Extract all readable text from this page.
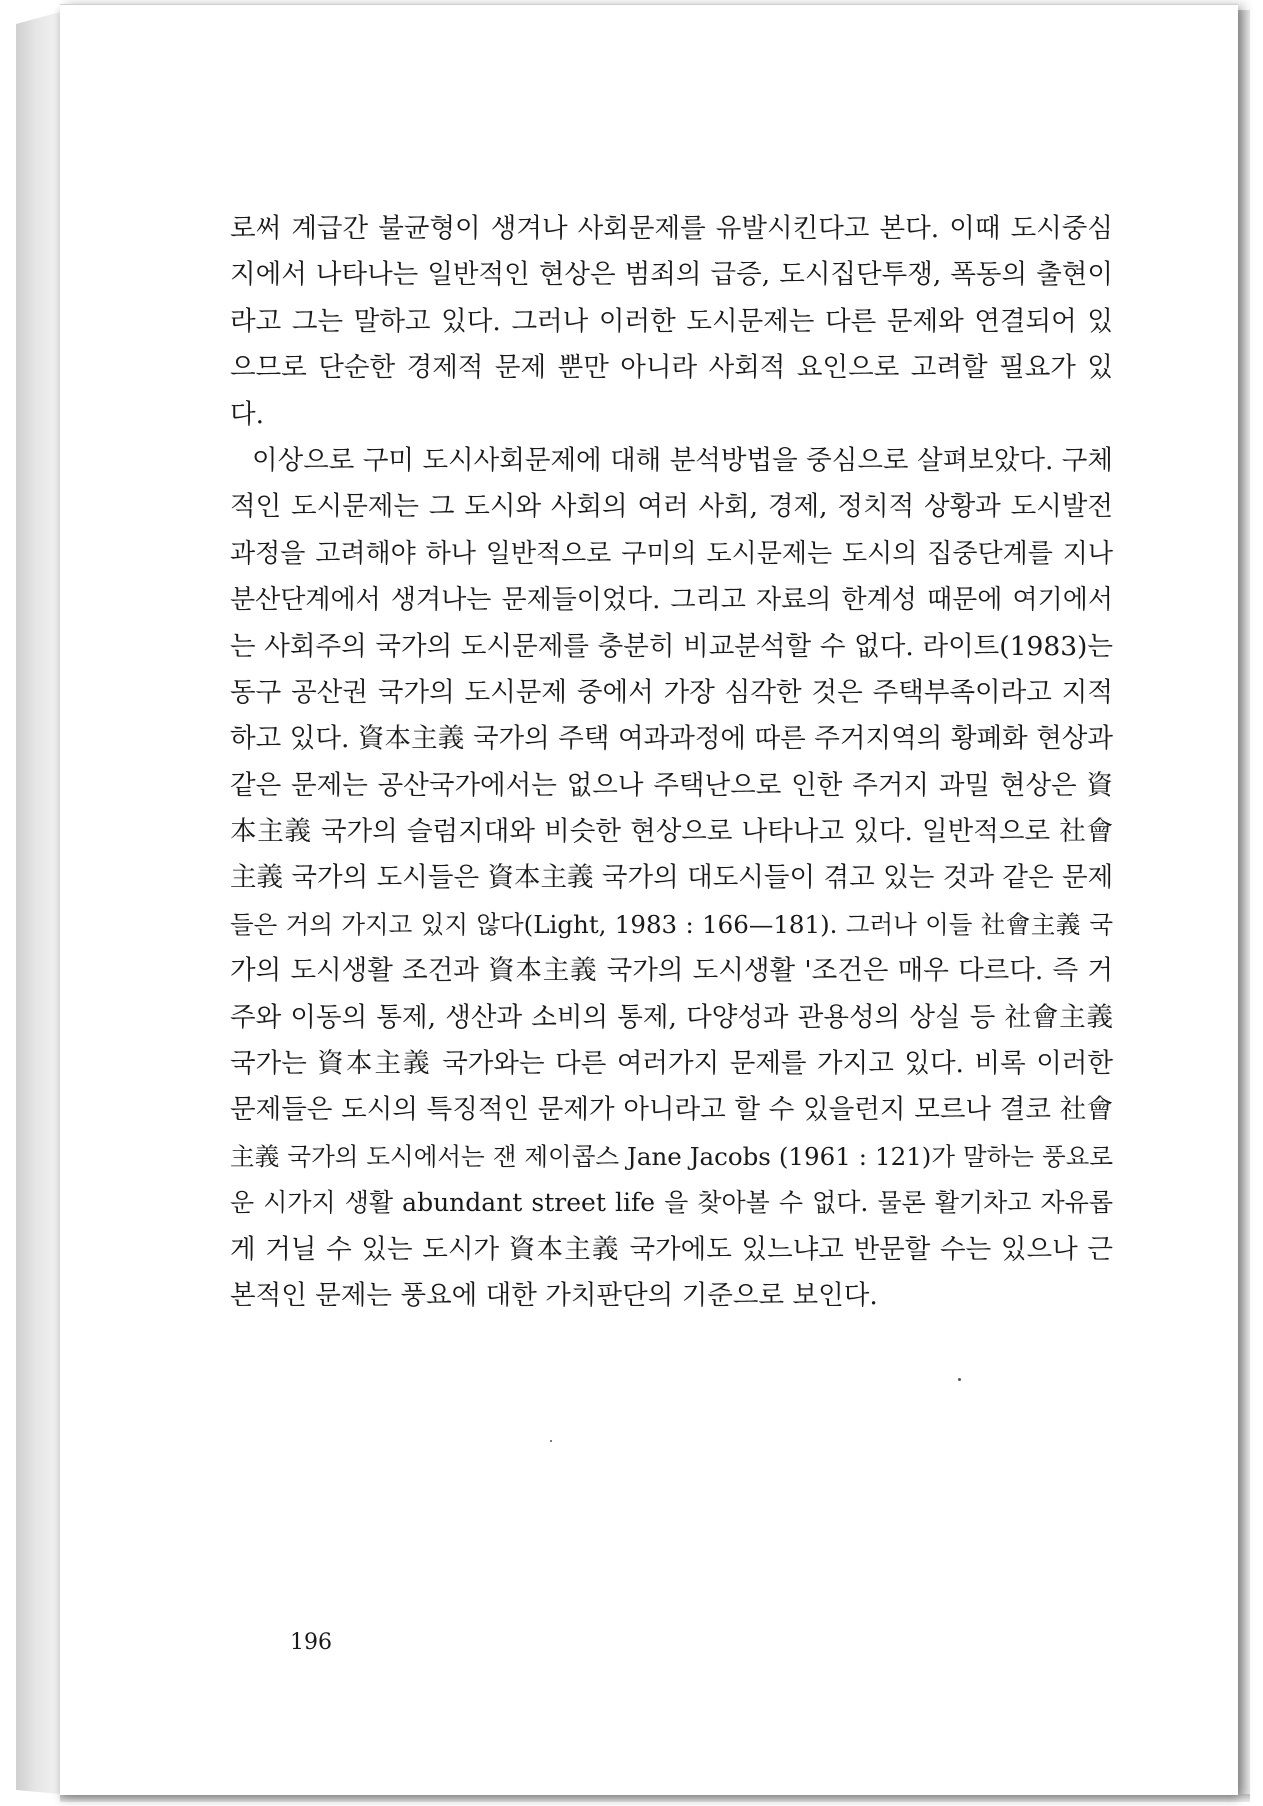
로써 계급간 불균형이 생겨나 사회문제를 유발시킨다고 본다. 이때 도시중심
지에서 나타나는 일반적인 현상은 범죄의 급증, 도시집단투쟁, 폭동의 출현이
라고 그는 말하고 있다. 그러나 이러한 도시문제는 다른 문제와 연결되어 있
으므로 단순한 경제적 문제 뿐만 아니라 사회적 요인으로 고려할 필요가 있
다.
이상으로 구미 도시사회문제에 대해 분석방법을 중심으로 살펴보았다. 구체
적인 도시문제는 그 도시와 사회의 여러 사회, 경제, 정치적 상황과 도시발전
과정을 고려해야 하나 일반적으로 구미의 도시문제는 도시의 집중단계를 지나
분산단계에서 생겨나는 문제들이었다. 그리고 자료의 한계성 때문에 여기에서
는 사회주의 국가의 도시문제를 충분히 비교분석할 수 없다. 라이트(1983)는
동구 공산권 국가의 도시문제 중에서 가장 심각한 것은 주택부족이라고 지적
하고 있다. 資本主義 국가의 주택 여과과정에 따른 주거지역의 황폐화 현상과
같은 문제는 공산국가에서는 없으나 주택난으로 인한 주거지 과밀 현상은 資
本主義 국가의 슬럼지대와 비슷한 현상으로 나타나고 있다. 일반적으로 社會
主義 국가의 도시들은 資本主義 국가의 대도시들이 겪고 있는 것과 같은 문제
들은 거의 가지고 있지 않다(Light, 1983 : 166—181). 그러나 이들 社會主義 국
가의 도시생활 조건과 資本主義 국가의 도시생활 '조건은 매우 다르다. 즉 거
주와 이동의 통제, 생산과 소비의 통제, 다양성과 관용성의 상실 등 社會主義
국가는 資本主義 국가와는 다른 여러가지 문제를 가지고 있다. 비록 이러한
문제들은 도시의 특징적인 문제가 아니라고 할 수 있을런지 모르나 결코 社會
主義 국가의 도시에서는 잰 제이콥스 Jane Jacobs (1961 : 121)가 말하는 풍요로
운 시가지 생활 abundant street life 을 찾아볼 수 없다. 물론 활기차고 자유롭
게 거닐 수 있는 도시가 資本主義 국가에도 있느냐고 반문할 수는 있으나 근
본적인 문제는 풍요에 대한 가치판단의 기준으로 보인다.
196
